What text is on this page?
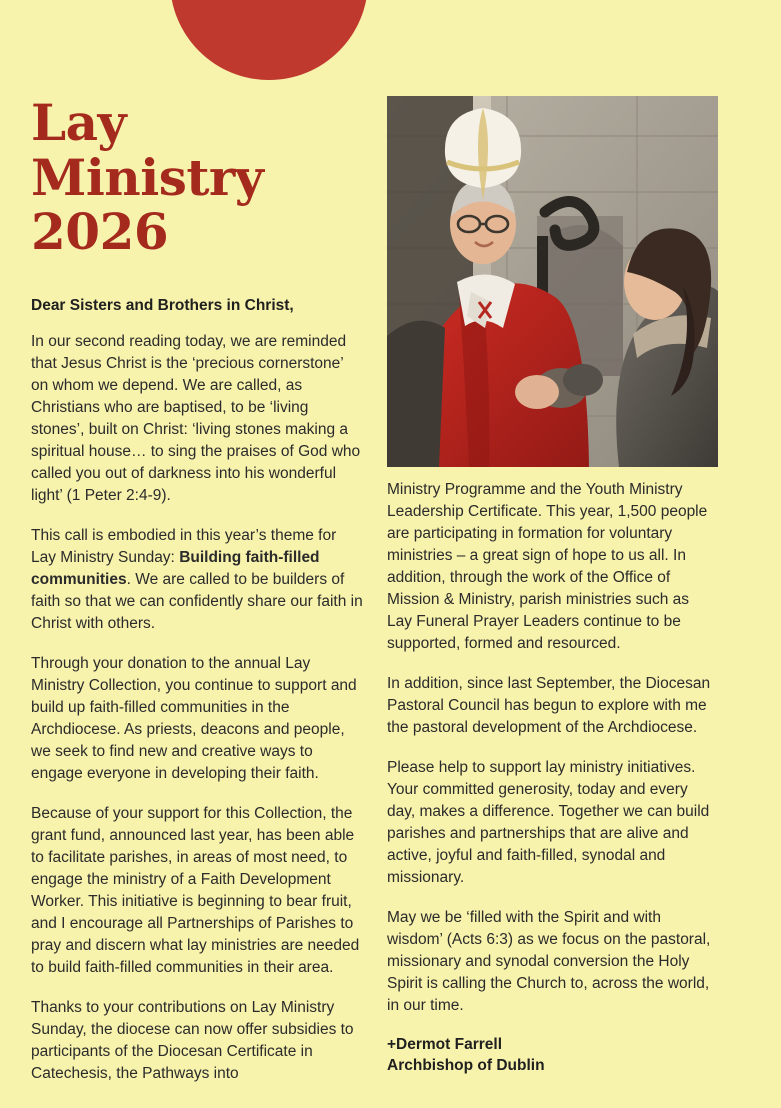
Lay
Ministry
2026

Dear Sisters and Brothers in Christ,

In our second reading today, we are reminded that Jesus Christ is the ‘precious cornerstone’ on whom we depend. We are called, as Christians who are baptised, to be ‘living stones’, built on Christ: ‘living stones making a spiritual house… to sing the praises of God who called you out of darkness into his wonderful light’ (1 Peter 2:4-9).

This call is embodied in this year’s theme for Lay Ministry Sunday: Building faith-filled communities. We are called to be builders of faith so that we can confidently share our faith in Christ with others.

Through your donation to the annual Lay Ministry Collection, you continue to support and build up faith-filled communities in the Archdiocese. As priests, deacons and people, we seek to find new and creative ways to engage everyone in developing their faith.

Because of your support for this Collection, the grant fund, announced last year, has been able to facilitate parishes, in areas of most need, to engage the ministry of a Faith Development Worker. This initiative is beginning to bear fruit, and I encourage all Partnerships of Parishes to pray and discern what lay ministries are needed to build faith-filled communities in their area.

Thanks to your contributions on Lay Ministry Sunday, the diocese can now offer subsidies to participants of the Diocesan Certificate in Catechesis, the Pathways into

Ministry Programme and the Youth Ministry Leadership Certificate. This year, 1,500 people are participating in formation for voluntary ministries – a great sign of hope to us all. In addition, through the work of the Office of Mission & Ministry, parish ministries such as Lay Funeral Prayer Leaders continue to be supported, formed and resourced.

In addition, since last September, the Diocesan Pastoral Council has begun to explore with me the pastoral development of the Archdiocese.

Please help to support lay ministry initiatives. Your committed generosity, today and every day, makes a difference. Together we can build parishes and partnerships that are alive and active, joyful and faith-filled, synodal and missionary.

May we be ‘filled with the Spirit and with wisdom’ (Acts 6:3) as we focus on the pastoral, missionary and synodal conversion the Holy Spirit is calling the Church to, across the world, in our time.

+Dermot Farrell
Archbishop of Dublin
